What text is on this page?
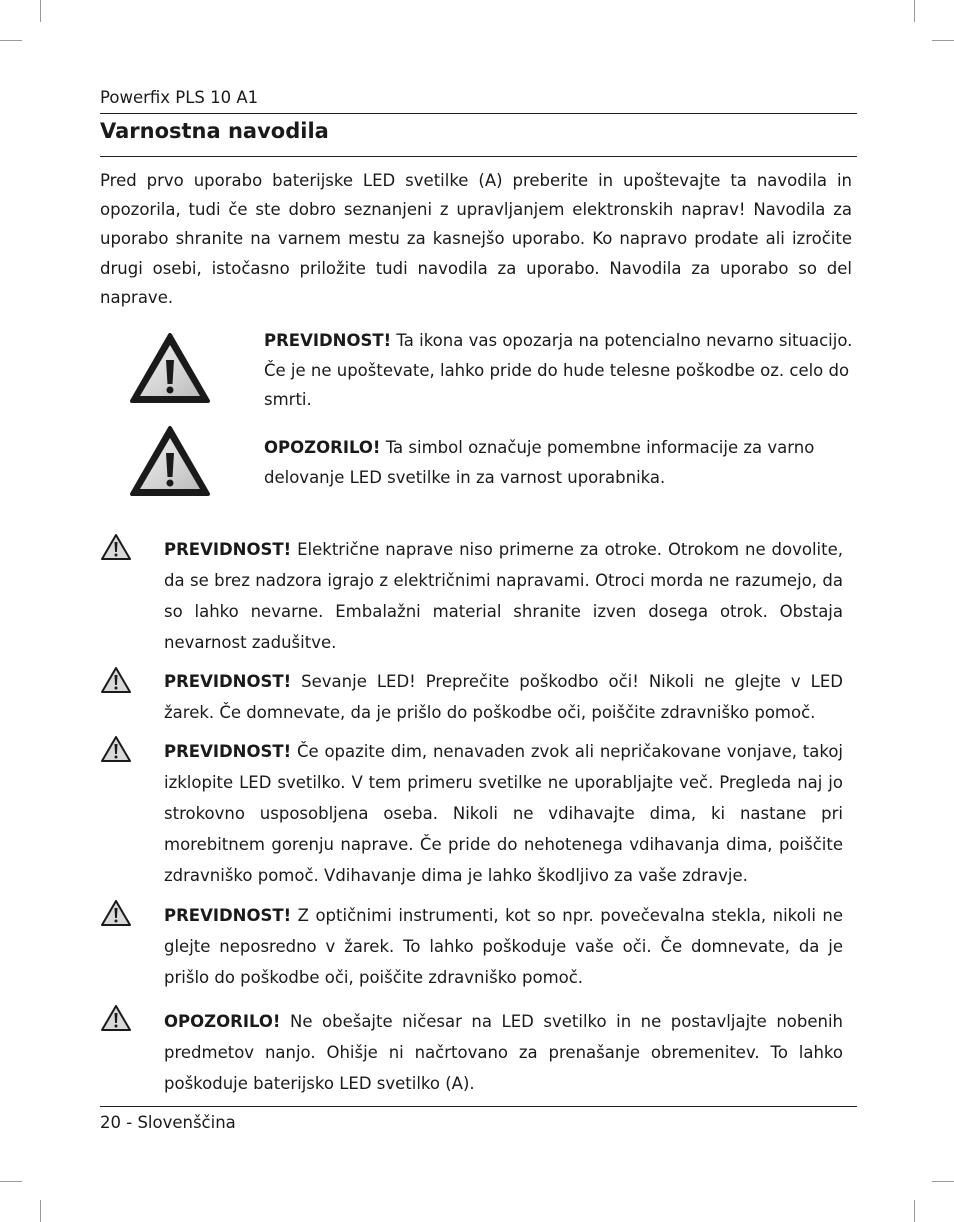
Powerfix PLS 10 A1
Varnostna navodila

Pred prvo uporabo baterijske LED svetilke (A) preberite in upoštevajte ta navodila in opozorila, tudi če ste dobro seznanjeni z upravljanjem elektronskih naprav! Navodila za uporabo shranite na varnem mestu za kasnejšo uporabo. Ko napravo prodate ali izročite drugi osebi, istočasno priložite tudi navodila za uporabo. Navodila za uporabo so del naprave.

PREVIDNOST! Ta ikona vas opozarja na potencialno nevarno situacijo. Če je ne upoštevate, lahko pride do hude telesne poškodbe oz. celo do smrti.

OPOZORILO! Ta simbol označuje pomembne informacije za varno delovanje LED svetilke in za varnost uporabnika.

PREVIDNOST! Električne naprave niso primerne za otroke. Otrokom ne dovolite, da se brez nadzora igrajo z električnimi napravami. Otroci morda ne razumejo, da so lahko nevarne. Embalažni material shranite izven dosega otrok. Obstaja nevarnost zadušitve.

PREVIDNOST! Sevanje LED! Preprečite poškodbo oči! Nikoli ne glejte v LED žarek. Če domnevate, da je prišlo do poškodbe oči, poiščite zdravniško pomoč.

PREVIDNOST! Če opazite dim, nenavaden zvok ali nepričakovane vonjave, takoj izklopite LED svetilko. V tem primeru svetilke ne uporabljajte več. Pregleda naj jo strokovno usposobljena oseba. Nikoli ne vdihavajte dima, ki nastane pri morebitnem gorenju naprave. Če pride do nehotenega vdihavanja dima, poiščite zdravniško pomoč. Vdihavanje dima je lahko škodljivo za vaše zdravje.

PREVIDNOST! Z optičnimi instrumenti, kot so npr. povečevalna stekla, nikoli ne glejte neposredno v žarek. To lahko poškoduje vaše oči. Če domnevate, da je prišlo do poškodbe oči, poiščite zdravniško pomoč.

OPOZORILO! Ne obešajte ničesar na LED svetilko in ne postavljajte nobenih predmetov nanjo. Ohišje ni načrtovano za prenašanje obremenitev. To lahko poškoduje baterijsko LED svetilko (A).

20 - Slovenščina
